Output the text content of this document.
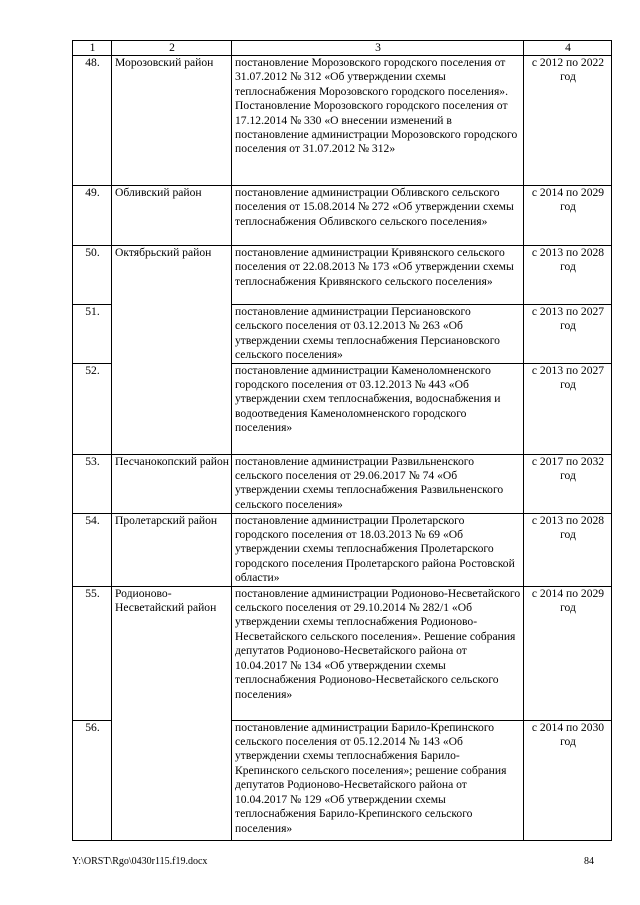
1	2	3	4
48.	Морозовский район	постановление Морозовского городского поселения от 31.07.2012 № 312 «Об утверждении схемы теплоснабжения Морозовского городского поселения». Постановление Морозовского городского поселения от 17.12.2014 № 330 «О внесении изменений в постановление администрации Морозовского городского поселения от 31.07.2012 № 312»	с 2012 по 2022 год
49.	Обливский район	постановление администрации Обливского сельского поселения от 15.08.2014 № 272 «Об утверждении схемы теплоснабжения Обливского сельского поселения»	с 2014 по 2029 год
50.	Октябрьский район	постановление администрации Кривянского сельского поселения от 22.08.2013 № 173 «Об утверждении схемы теплоснабжения Кривянского сельского поселения»	с 2013 по 2028 год
51.		постановление администрации Персиановского сельского поселения от 03.12.2013 № 263 «Об утверждении схемы теплоснабжения Персиановского сельского поселения»	с 2013 по 2027 год
52.		постановление администрации Каменоломненского городского поселения от 03.12.2013 № 443 «Об утверждении схем теплоснабжения, водоснабжения и водоотведения Каменоломненского городского поселения»	с 2013 по 2027 год
53.	Песчанокопский район	постановление администрации Развильненского сельского поселения от 29.06.2017 № 74 «Об утверждении схемы теплоснабжения Развильненского сельского поселения»	с 2017 по 2032 год
54.	Пролетарский район	постановление администрации Пролетарского городского поселения от 18.03.2013 № 69 «Об утверждении схемы теплоснабжения Пролетарского городского поселения Пролетарского района Ростовской области»	с 2013 по 2028 год
55.	Родионово-Несветайский район	постановление администрации Родионово-Несветайского сельского поселения от 29.10.2014 № 282/1 «Об утверждении схемы теплоснабжения Родионово-Несветайского сельского поселения». Решение собрания депутатов Родионово-Несветайского района от 10.04.2017 № 134 «Об утверждении схемы теплоснабжения Родионово-Несветайского сельского поселения»	с 2014 по 2029 год
56.		постановление администрации Барило-Крепинского сельского поселения от 05.12.2014 № 143 «Об утверждении схемы теплоснабжения Барило-Крепинского сельского поселения»; решение собрания депутатов Родионово-Несветайского района от 10.04.2017 № 129 «Об утверждении схемы теплоснабжения Барило-Крепинского сельского поселения»	с 2014 по 2030 год
Y:\ORST\Rgo\0430r115.f19.docx	84
